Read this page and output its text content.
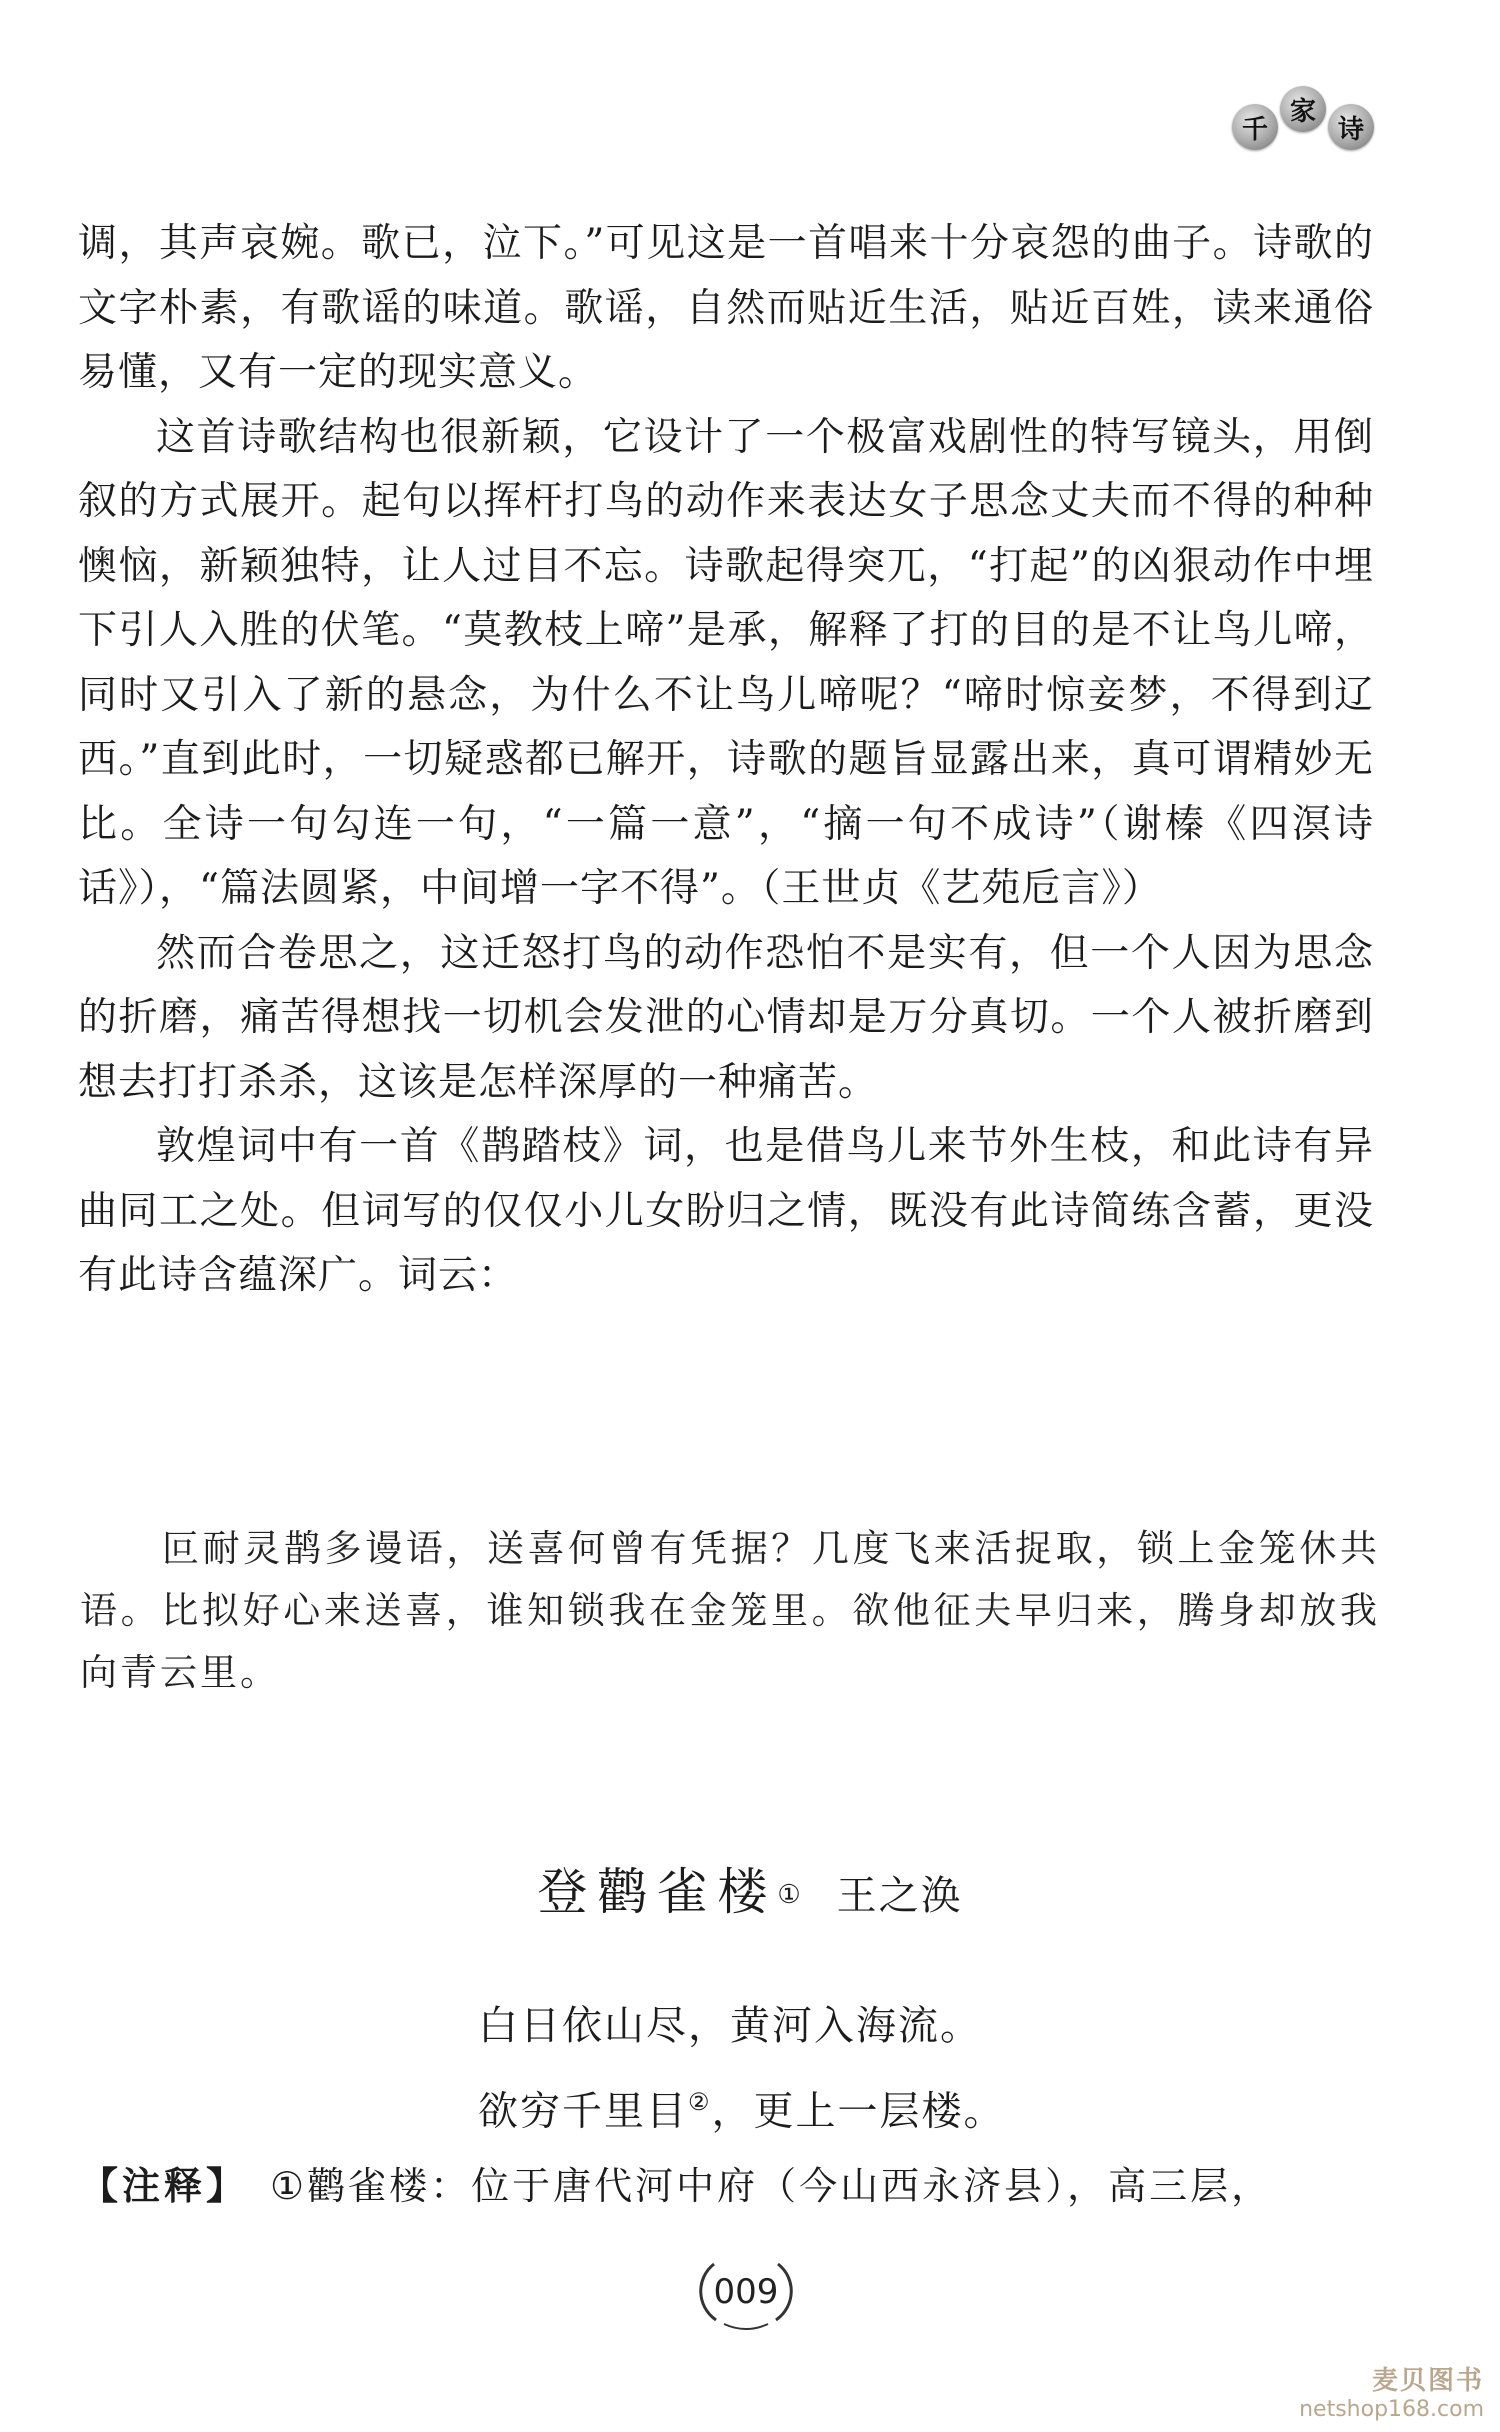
千
家
诗

调，其声哀婉。歌已，泣下。”可见这是一首唱来十分哀怨的曲子。诗歌的文字朴素，有歌谣的味道。歌谣，自然而贴近生活，贴近百姓，读来通俗易懂，又有一定的现实意义。

这首诗歌结构也很新颖，它设计了一个极富戏剧性的特写镜头，用倒叙的方式展开。起句以挥杆打鸟的动作来表达女子思念丈夫而不得的种种懊恼，新颖独特，让人过目不忘。诗歌起得突兀，“打起”的凶狠动作中埋下引人入胜的伏笔。“莫教枝上啼”是承，解释了打的目的是不让鸟儿啼，同时又引入了新的悬念，为什么不让鸟儿啼呢？“啼时惊妾梦，不得到辽西。”直到此时，一切疑惑都已解开，诗歌的题旨显露出来，真可谓精妙无比。全诗一句勾连一句，“一篇一意”，“摘一句不成诗”（谢榛《四溟诗话》），“篇法圆紧，中间增一字不得”。（王世贞《艺苑卮言》）

然而合卷思之，这迁怒打鸟的动作恐怕不是实有，但一个人因为思念的折磨，痛苦得想找一切机会发泄的心情却是万分真切。一个人被折磨到想去打打杀杀，这该是怎样深厚的一种痛苦。

敦煌词中有一首《鹊踏枝》词，也是借鸟儿来节外生枝，和此诗有异曲同工之处。但词写的仅仅小儿女盼归之情，既没有此诗简练含蓄，更没有此诗含蕴深广。词云：

叵耐灵鹊多谩语，送喜何曾有凭据？几度飞来活捉取，锁上金笼休共语。比拟好心来送喜，谁知锁我在金笼里。欲他征夫早归来，腾身却放我向青云里。

登鹳雀楼① 王之涣
白日依山尽，黄河入海流。
欲穷千里目②，更上一层楼。
【注释】 ①鹳雀楼：位于唐代河中府（今山西永济县），高三层，
009
麦贝图书
netshop168.com
